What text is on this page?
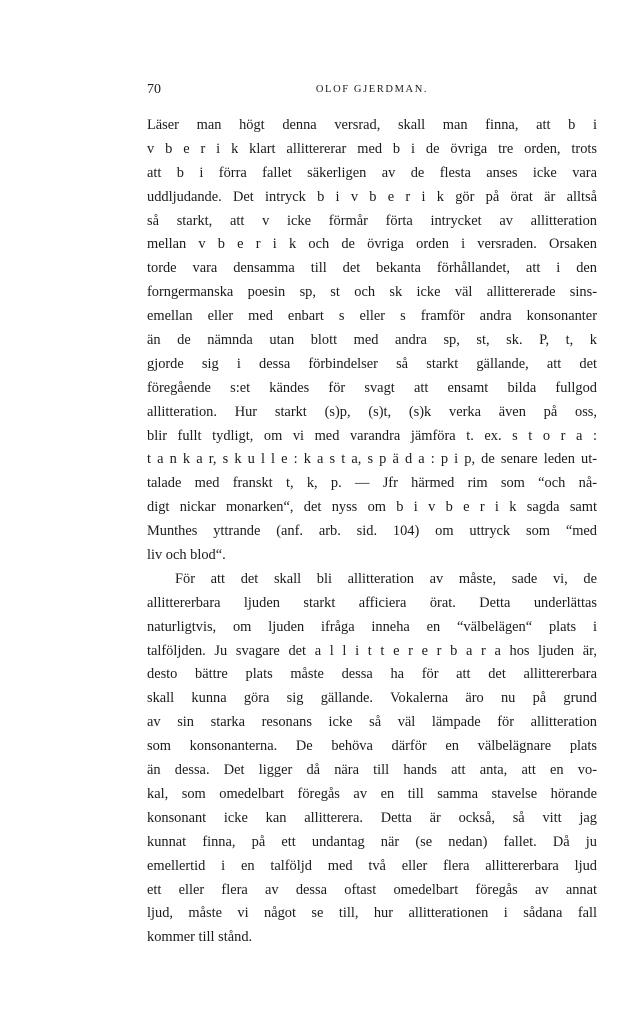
70	OLOF GJERDMAN.
Läser man högt denna versrad, skall man finna, att b i
v b e r i k klart allittererar med b i de övriga tre orden, trots
att b i förra fallet säkerligen av de flesta anses icke vara
uddljudande. Det intryck b i v b e r i k gör på örat är alltså
så starkt, att v icke förmår förta intrycket av allitteration
mellan v b e r i k och de övriga orden i versraden. Orsaken
torde vara densamma till det bekanta förhållandet, att i den
forngermanska poesin sp, st och sk icke väl allittererade sins-
emellan eller med enbart s eller s framför andra konsonanter
än de nämnda utan blott med andra sp, st, sk. P, t, k
gjorde sig i dessa förbindelser så starkt gällande, att det
föregående s:et kändes för svagt att ensamt bilda fullgod
allitteration. Hur starkt (s)p, (s)t, (s)k verka även på oss,
blir fullt tydligt, om vi med varandra jämföra t. ex. s t o r a :
t a n k a r, s k u l l e : k a s t a, s p ä d a : p i p, de senare leden ut-
talade med franskt t, k, p. — Jfr härmed rim som “och nå-
digt nickar monarken“, det nyss om b i v b e r i k sagda samt
Munthes yttrande (anf. arb. sid. 104) om uttryck som “med
liv och blod“.
För att det skall bli allitteration av måste, sade vi, de
allittererbara ljuden starkt afficiera örat. Detta underlättas
naturligtvis, om ljuden ifråga inneha en “välbelägen“ plats i
talföljden. Ju svagare det a l l i t t e r e r b a r a hos ljuden är,
desto bättre plats måste dessa ha för att det allittererbara
skall kunna göra sig gällande. Vokalerna äro nu på grund
av sin starka resonans icke så väl lämpade för allitteration
som konsonanterna. De behöva därför en välbelägnare plats
än dessa. Det ligger då nära till hands att anta, att en vo-
kal, som omedelbart föregås av en till samma stavelse hörande
konsonant icke kan allitterera. Detta är också, så vitt jag
kunnat finna, på ett undantag när (se nedan) fallet. Då ju
emellertid i en talföljd med två eller flera allittererbara ljud
ett eller flera av dessa oftast omedelbart föregås av annat
ljud, måste vi något se till, hur allitterationen i sådana fall
kommer till stånd.
